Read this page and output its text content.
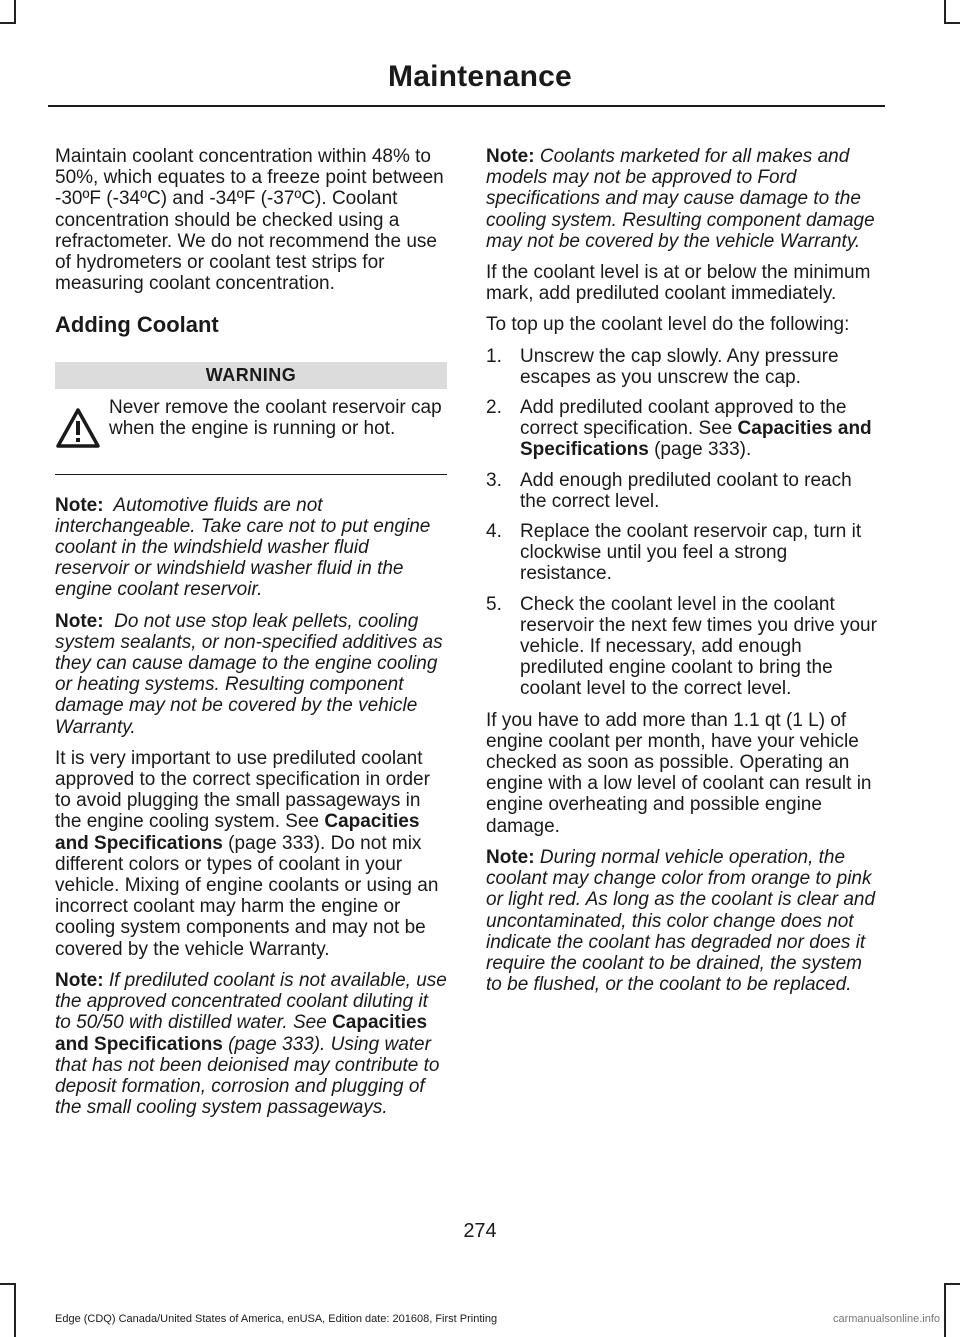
Maintenance

Maintain coolant concentration within 48% to 50%, which equates to a freeze point between -30ºF (-34ºC) and -34ºF (-37ºC). Coolant concentration should be checked using a refractometer. We do not recommend the use of hydrometers or coolant test strips for measuring coolant concentration.

Adding Coolant
WARNING
Never remove the coolant reservoir cap when the engine is running or hot.

Note: Automotive fluids are not interchangeable. Take care not to put engine coolant in the windshield washer fluid reservoir or windshield washer fluid in the engine coolant reservoir.

Note: Do not use stop leak pellets, cooling system sealants, or non-specified additives as they can cause damage to the engine cooling or heating systems. Resulting component damage may not be covered by the vehicle Warranty.

It is very important to use prediluted coolant approved to the correct specification in order to avoid plugging the small passageways in the engine cooling system. See Capacities and Specifications (page 333). Do not mix different colors or types of coolant in your vehicle. Mixing of engine coolants or using an incorrect coolant may harm the engine or cooling system components and may not be covered by the vehicle Warranty.

Note: If prediluted coolant is not available, use the approved concentrated coolant diluting it to 50/50 with distilled water. See Capacities and Specifications (page 333). Using water that has not been deionised may contribute to deposit formation, corrosion and plugging of the small cooling system passageways.

Note: Coolants marketed for all makes and models may not be approved to Ford specifications and may cause damage to the cooling system. Resulting component damage may not be covered by the vehicle Warranty.

If the coolant level is at or below the minimum mark, add prediluted coolant immediately.

To top up the coolant level do the following:

1. Unscrew the cap slowly. Any pressure escapes as you unscrew the cap.
2. Add prediluted coolant approved to the correct specification. See Capacities and Specifications (page 333).
3. Add enough prediluted coolant to reach the correct level.
4. Replace the coolant reservoir cap, turn it clockwise until you feel a strong resistance.
5. Check the coolant level in the coolant reservoir the next few times you drive your vehicle. If necessary, add enough prediluted engine coolant to bring the coolant level to the correct level.

If you have to add more than 1.1 qt (1 L) of engine coolant per month, have your vehicle checked as soon as possible. Operating an engine with a low level of coolant can result in engine overheating and possible engine damage.

Note: During normal vehicle operation, the coolant may change color from orange to pink or light red. As long as the coolant is clear and uncontaminated, this color change does not indicate the coolant has degraded nor does it require the coolant to be drained, the system to be flushed, or the coolant to be replaced.

274
Edge (CDQ) Canada/United States of America, enUSA, Edition date: 201608, First Printing	carmanualsonline.info
